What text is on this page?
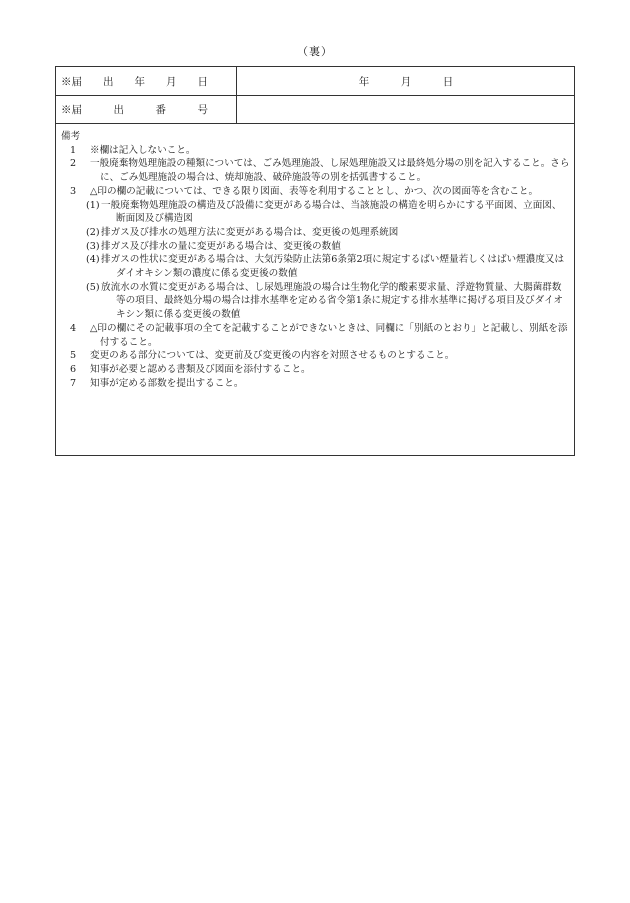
（裏）
※届　　出　　年　　月　　日	年　　　月　　　日
※届　　　出　　　番　　　号

備考

1	※欄は記入しないこと。
2	一般廃棄物処理施設の種類については、ごみ処理施設、し尿処理施設又は最終処分場の別を記入すること。さらに、ごみ処理施設の場合は、焼却施設、破砕施設等の別を括弧書すること。
3	△印の欄の記載については、できる限り図面、表等を利用することとし、かつ、次の図面等を含むこと。
(1) 一般廃棄物処理施設の構造及び設備に変更がある場合は、当該施設の構造を明らかにする平面図、立面図、断面図及び構造図
(2) 排ガス及び排水の処理方法に変更がある場合は、変更後の処理系統図
(3) 排ガス及び排水の量に変更がある場合は、変更後の数値
(4) 排ガスの性状に変更がある場合は、大気汚染防止法第6条第2項に規定するばい煙量若しくはばい煙濃度又はダイオキシン類の濃度に係る変更後の数値
(5) 放流水の水質に変更がある場合は、し尿処理施設の場合は生物化学的酸素要求量、浮遊物質量、大腸菌群数等の項目、最終処分場の場合は排水基準を定める省令第1条に規定する排水基準に掲げる項目及びダイオキシン類に係る変更後の数値
4	△印の欄にその記載事項の全てを記載することができないときは、同欄に「別紙のとおり」と記載し、別紙を添付すること。
5	変更のある部分については、変更前及び変更後の内容を対照させるものとすること。
6	知事が必要と認める書類及び図面を添付すること。
7	知事が定める部数を提出すること。
